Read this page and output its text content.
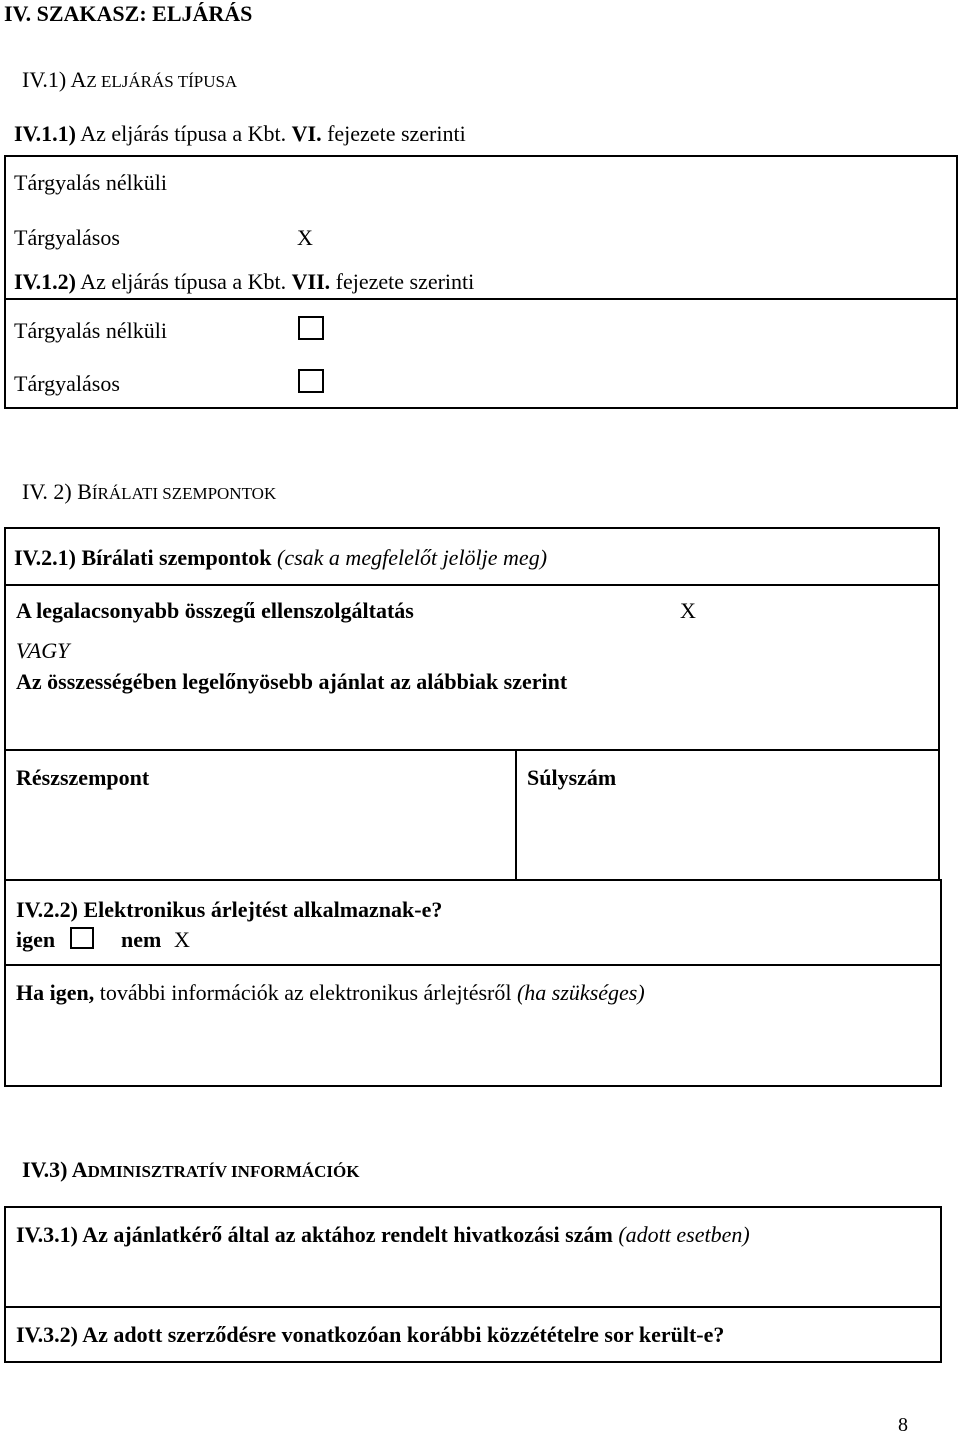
IV. SZAKASZ: ELJÁRÁS
IV.1) AZ ELJÁRÁS TÍPUSA
IV.1.1) Az eljárás típusa a Kbt. VI. fejezete szerinti
Tárgyalás nélküli
Tárgyalásos	X
IV.1.2) Az eljárás típusa a Kbt. VII. fejezete szerinti
Tárgyalás nélküli
Tárgyalásos
IV. 2) BÍRÁLATI SZEMPONTOK
IV.2.1) Bírálati szempontok (csak a megfelelőt jelölje meg)
A legalacsonyabb összegű ellenszolgáltatás	X
VAGY
Az összességében legelőnyösebb ajánlat az alábbiak szerint
Részszempont	Súlyszám
IV.2.2) Elektronikus árlejtést alkalmaznak-e?
igen	nem X
Ha igen, további információk az elektronikus árlejtésről (ha szükséges)
IV.3) ADMINISZTRATÍV INFORMÁCIÓK
IV.3.1) Az ajánlatkérő által az aktához rendelt hivatkozási szám (adott esetben)
IV.3.2) Az adott szerződésre vonatkozóan korábbi közzétételre sor került-e?
8
